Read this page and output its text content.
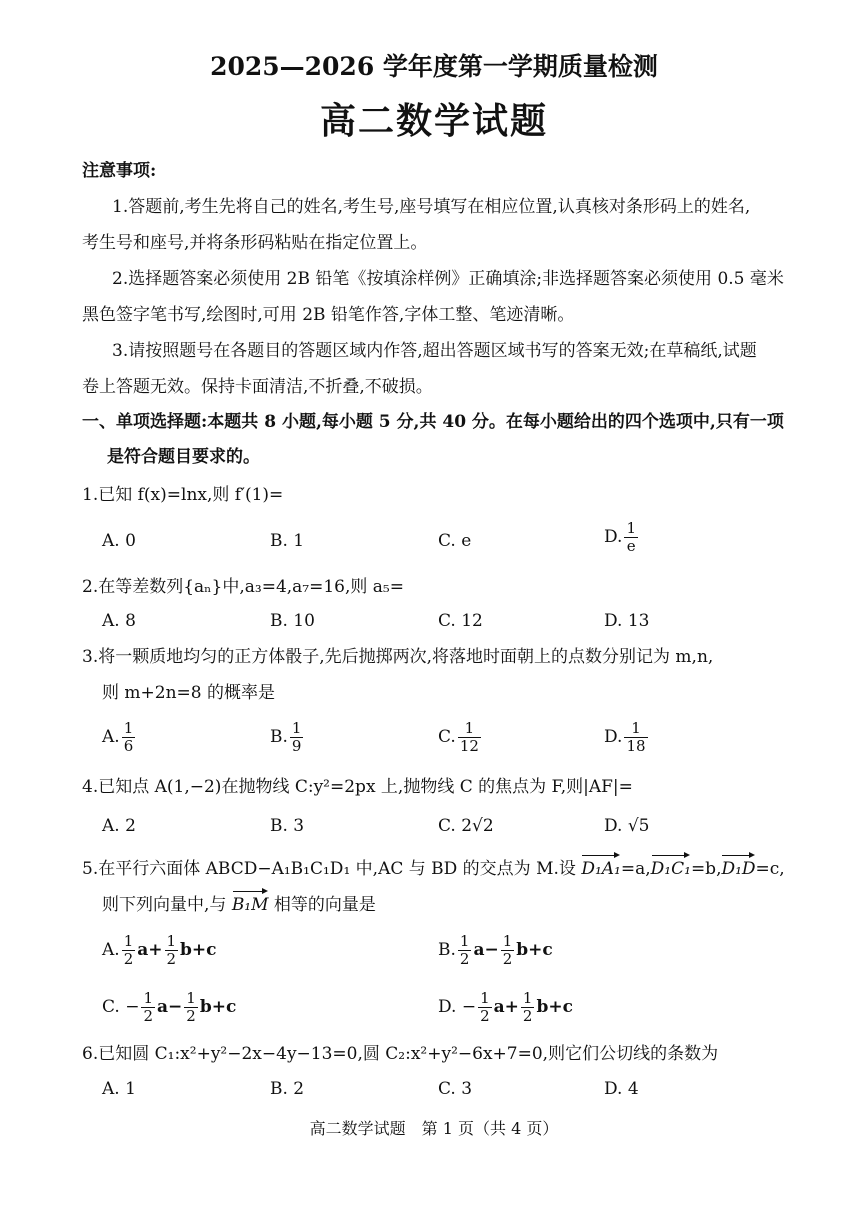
2025—2026 学年度第一学期质量检测
高二数学试题
注意事项:
1.答题前,考生先将自己的姓名,考生号,座号填写在相应位置,认真核对条形码上的姓名,
考生号和座号,并将条形码粘贴在指定位置上。
2.选择题答案必须使用 2B 铅笔《按填涂样例》正确填涂;非选择题答案必须使用 0.5 毫米
黑色签字笔书写,绘图时,可用 2B 铅笔作答,字体工整、笔迹清晰。
3.请按照题号在各题目的答题区域内作答,超出答题区域书写的答案无效;在草稿纸,试题
卷上答题无效。保持卡面清洁,不折叠,不破损。
一、单项选择题:本题共 8 小题,每小题 5 分,共 40 分。在每小题给出的四个选项中,只有一项
是符合题目要求的。
1.已知 f(x)=lnx,则 f′(1)=
A. 0	B. 1	C. e	D. $\frac{1}{e}$
2.在等差数列{aₙ}中,a₃=4,a₇=16,则 a₅=
A. 8	B. 10	C. 12	D. 13
3.将一颗质地均匀的正方体骰子,先后抛掷两次,将落地时面朝上的点数分别记为 m,n,
则 m+2n=8 的概率是
A. $\frac{1}{6}$	B. $\frac{1}{9}$	C. $\frac{1}{12}$	D. $\frac{1}{18}$
4.已知点 A(1,−2)在抛物线 C:y²=2px 上,抛物线 C 的焦点为 F,则|AF|=
A. 2	B. 3	C. 2√2	D. √5
5.在平行六面体 ABCD−A₁B₁C₁D₁ 中,AC 与 BD 的交点为 M.设 D₁A₁=a,D₁C₁=b,D₁D=c,
则下列向量中,与 B₁M 相等的向量是
A. $\frac{1}{2} a+ \frac{1}{2} b+c$	B. $\frac{1}{2} a- \frac{1}{2} b+c$
C. − $\frac{1}{2} a- \frac{1}{2} b+c$	D. − $\frac{1}{2} a+ \frac{1}{2} b+c$
6.已知圆 C₁:x²+y²−2x−4y−13=0,圆 C₂:x²+y²−6x+7=0,则它们公切线的条数为
A. 1	B. 2	C. 3	D. 4
高二数学试题　第 1 页（共 4 页）
